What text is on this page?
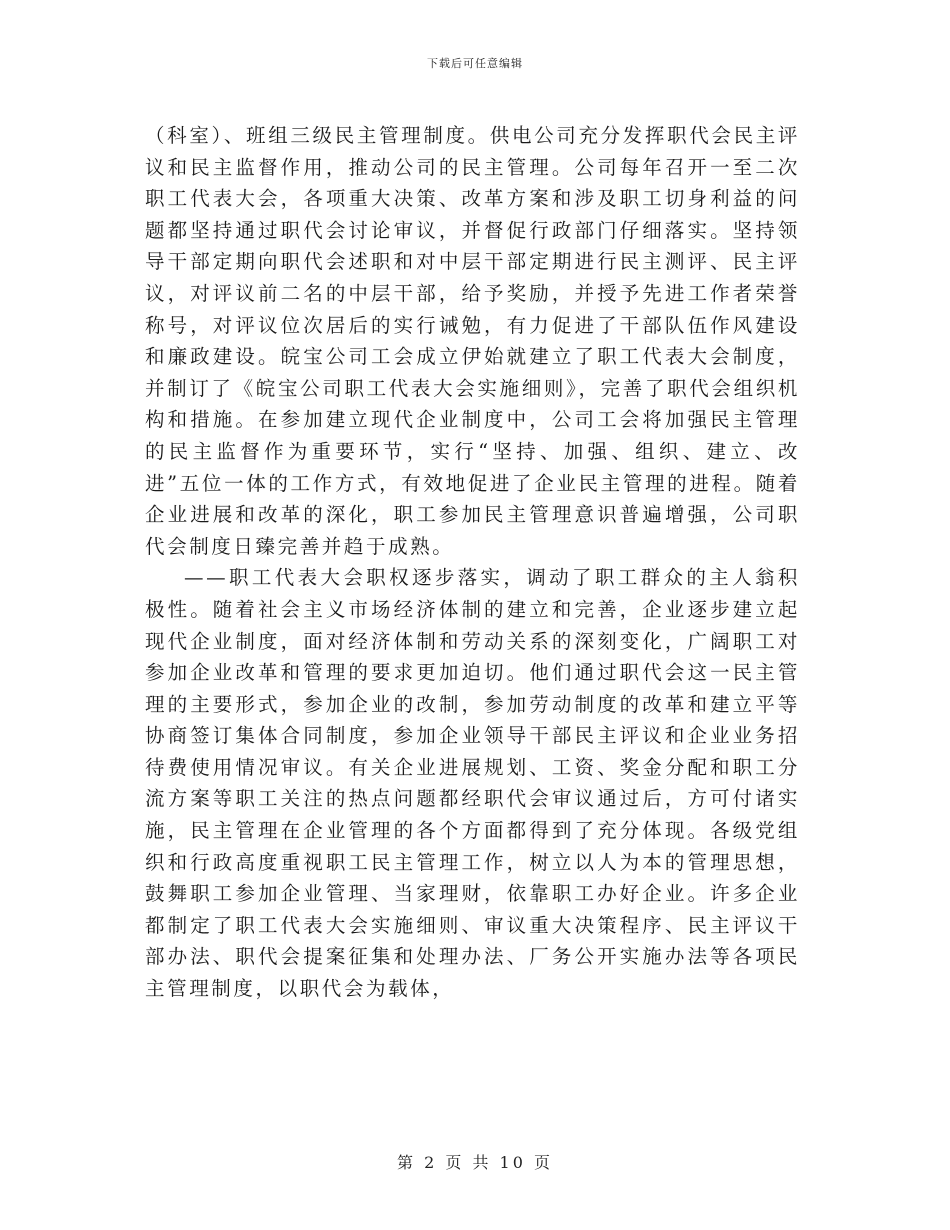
下载后可任意编辑

（科室）、班组三级民主管理制度。供电公司充分发挥职代会民主评议和民主监督作用，推动公司的民主管理。公司每年召开一至二次职工代表大会，各项重大决策、改革方案和涉及职工切身利益的问题都坚持通过职代会讨论审议，并督促行政部门仔细落实。坚持领导干部定期向职代会述职和对中层干部定期进行民主测评、民主评议，对评议前二名的中层干部，给予奖励，并授予先进工作者荣誉称号，对评议位次居后的实行诫勉，有力促进了干部队伍作风建设和廉政建设。皖宝公司工会成立伊始就建立了职工代表大会制度，并制订了《皖宝公司职工代表大会实施细则》，完善了职代会组织机构和措施。在参加建立现代企业制度中，公司工会将加强民主管理的民主监督作为重要环节，实行“坚持、加强、组织、建立、改进”五位一体的工作方式，有效地促进了企业民主管理的进程。随着企业进展和改革的深化，职工参加民主管理意识普遍增强，公司职代会制度日臻完善并趋于成熟。

——职工代表大会职权逐步落实，调动了职工群众的主人翁积极性。随着社会主义市场经济体制的建立和完善，企业逐步建立起现代企业制度，面对经济体制和劳动关系的深刻变化，广阔职工对参加企业改革和管理的要求更加迫切。他们通过职代会这一民主管理的主要形式，参加企业的改制，参加劳动制度的改革和建立平等协商签订集体合同制度，参加企业领导干部民主评议和企业业务招待费使用情况审议。有关企业进展规划、工资、奖金分配和职工分流方案等职工关注的热点问题都经职代会审议通过后，方可付诸实施，民主管理在企业管理的各个方面都得到了充分体现。各级党组织和行政高度重视职工民主管理工作，树立以人为本的管理思想，鼓舞职工参加企业管理、当家理财，依靠职工办好企业。许多企业都制定了职工代表大会实施细则、审议重大决策程序、民主评议干部办法、职代会提案征集和处理办法、厂务公开实施办法等各项民主管理制度，以职代会为载体，

第 2 页 共 10 页
